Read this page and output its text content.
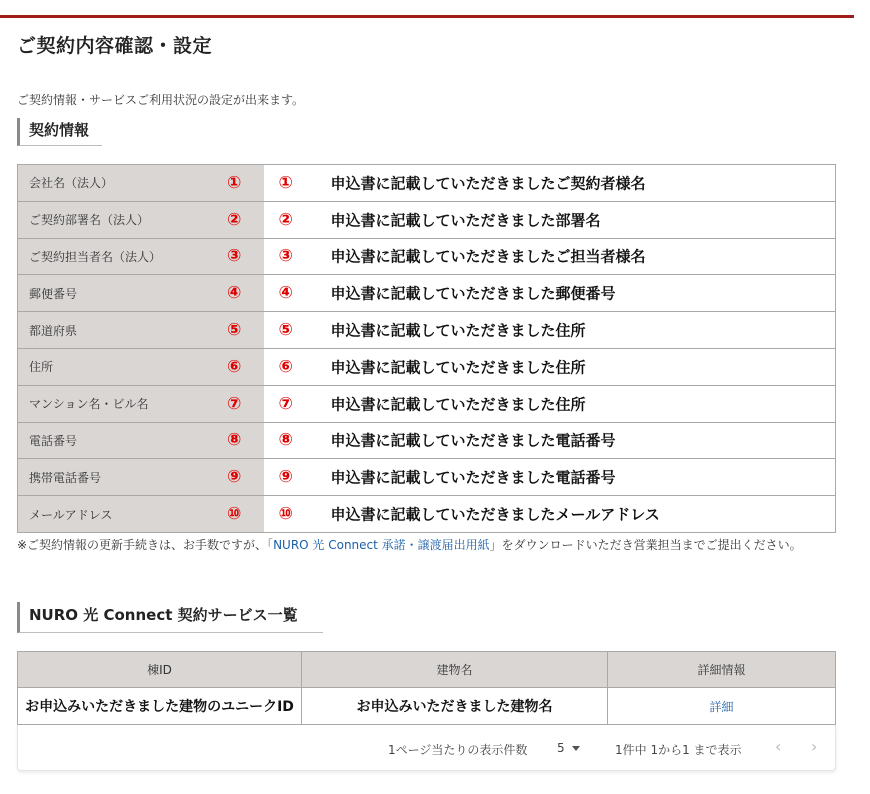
ご契約内容確認・設定

ご契約情報・サービスご利用状況の設定が出来ます。

契約情報
会社名（法人） ①	① 申込書に記載していただきましたご契約者様名

ご契約部署名（法人） ②	② 申込書に記載していただきました部署名

ご契約担当者名（法人） ③	③ 申込書に記載していただきましたご担当者様名

郵便番号 ④	④ 申込書に記載していただきました郵便番号

都道府県 ⑤	⑤ 申込書に記載していただきました住所

住所 ⑥	⑥ 申込書に記載していただきました住所

マンション名・ビル名 ⑦	⑦ 申込書に記載していただきました住所

電話番号 ⑧	⑧ 申込書に記載していただきました電話番号

携帯電話番号 ⑨	⑨ 申込書に記載していただきました電話番号

メールアドレス ⑩	⑩ 申込書に記載していただきましたメールアドレス

※ご契約情報の更新手続きは、お手数ですが、「NURO 光 Connect 承諾・譲渡届出用紙」をダウンロードいただき営業担当までご提出ください。

NURO 光 Connect 契約サービス一覧
棟ID	建物名	詳細情報
お申込みいただきました建物のユニークID	お申込みいただきました建物名	詳細
1ページ当たりの表示件数 5	1件中 1から1 まで表示 ‹ ›
